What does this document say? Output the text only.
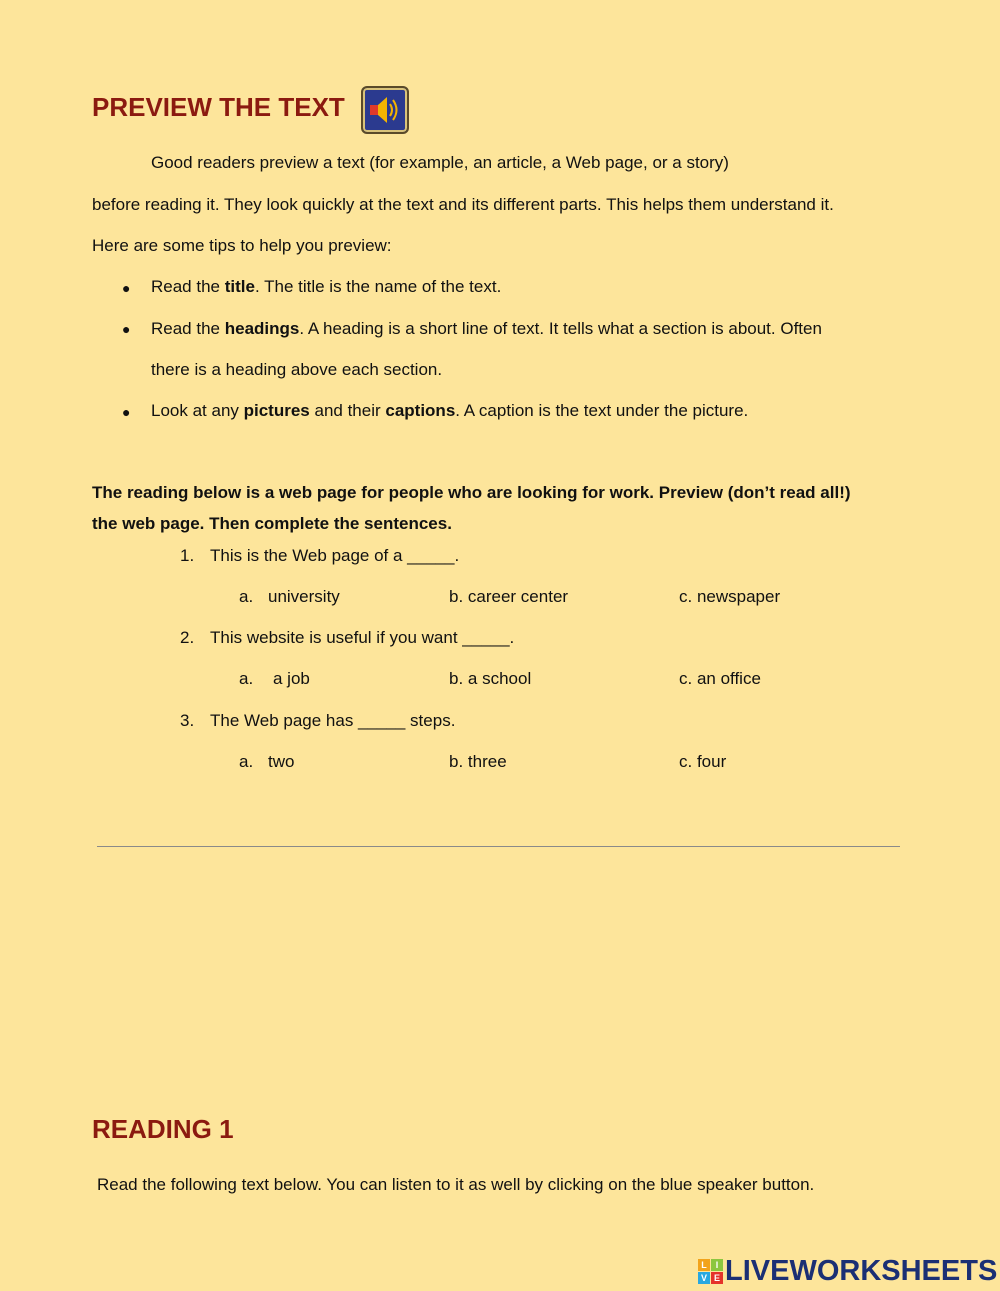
PREVIEW THE TEXT
Good readers preview a text (for example, an article, a Web page, or a story)
before reading it. They look quickly at the text and its different parts. This helps them understand it.
Here are some tips to help you preview:
● Read the title. The title is the name of the text.
● Read the headings. A heading is a short line of text. It tells what a section is about. Often
there is a heading above each section.
● Look at any pictures and their captions. A caption is the text under the picture.
The reading below is a web page for people who are looking for work. Preview (don’t read all!)
the web page. Then complete the sentences.
1. This is the Web page of a _____.
a. university	b. career center	c. newspaper
2. This website is useful if you want _____.
a. a job	b. a school	c. an office
3. The Web page has _____ steps.
a. two	b. three	c. four
READING 1
Read the following text below. You can listen to it as well by clicking on the blue speaker button.
L I
V E LIVEWORKSHEETS
